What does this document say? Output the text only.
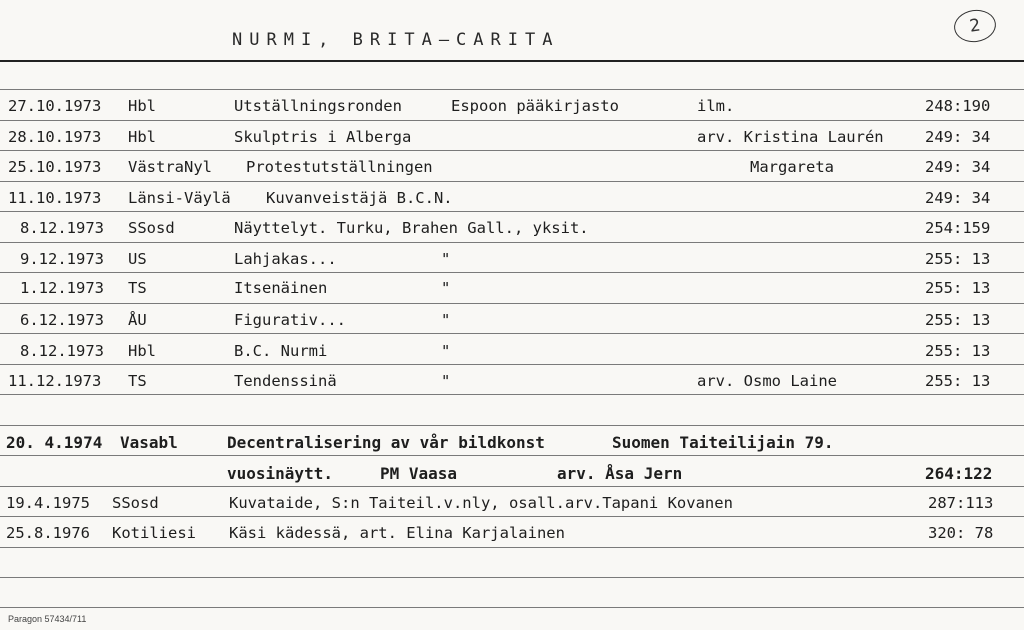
NURMI, BRITA—CARITA
2
27.10.1973 Hbl	Utställningsronden	Espoon pääkirjasto	ilm.	248:190
28.10.1973 Hbl	Skulptris i Alberga	arv. Kristina Laurén	249: 34
25.10.1973 VästraNyl Protestutställningen	Margareta	249: 34
11.10.1973 Länsi-Väylä Kuvanveistäjä B.C.N.	249: 34
8.12.1973 SSosd	Näyttelyt. Turku, Brahen Gall., yksit.	254:159
9.12.1973 US	Lahjakas...	"	255: 13
1.12.1973 TS	Itsenäinen	"	255: 13
6.12.1973 ÅU	Figurativ...	"	255: 13
8.12.1973 Hbl	B.C. Nurmi	"	255: 13
11.12.1973 TS	Tendenssinä	"	arv. Osmo Laine	255: 13
20. 4.1974 Vasabl	Decentralisering av vår bildkonst	Suomen Taiteilijain 79.
vuosinäytt.	PM Vaasa	arv. Åsa Jern	264:122
19.4.1975 SSosd	Kuvataide, S:n Taiteil.v.nly, osall.arv.Tapani Kovanen	287:113
25.8.1976 Kotiliesi Käsi kädessä, art. Elina Karjalainen	320: 78
Paragon 57434/711
